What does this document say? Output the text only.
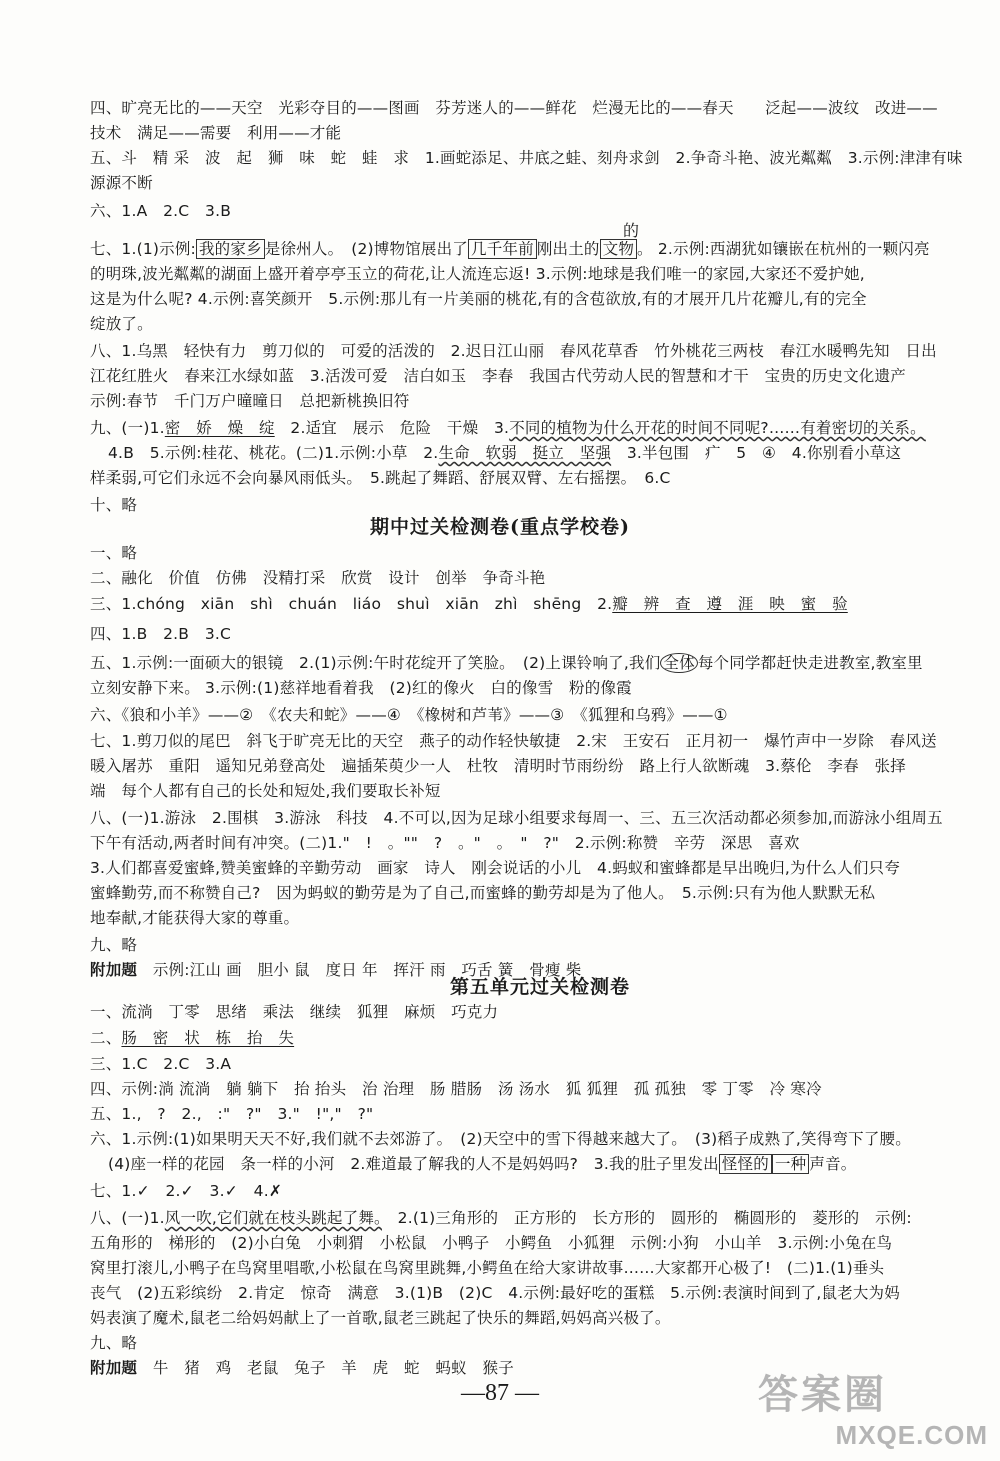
四、旷亮无比的——天空　光彩夺目的——图画　芬芳迷人的——鲜花　烂漫无比的——春天　　泛起——波纹　改进——
技术　满足——需要　利用——才能
五、斗　精 采　波　起　狮　味　蛇　蛙　求　1.画蛇添足、井底之蛙、刻舟求剑　2.争奇斗艳、波光粼粼　3.示例:津津有味
源源不断
六、1.A　2.C　3.B
的
七、1.(1)示例: 我的家乡 是徐州人。　(2)博物馆展出了 几千年前 刚出土的 文物 。 2.示例:西湖犹如镶嵌在杭州的一颗闪亮
的明珠,波光粼粼的湖面上盛开着亭亭玉立的荷花,让人流连忘返! 3.示例:地球是我们唯一的家园,大家还不爱护她,
这是为什么呢? 4.示例:喜笑颜开　5.示例:那儿有一片美丽的桃花,有的含苞欲放,有的才展开几片花瓣儿,有的完全
绽放了。
八、1.乌黑　轻快有力　剪刀似的　可爱的活泼的　2.迟日江山丽　春风花草香　竹外桃花三两枝　春江水暖鸭先知　日出
江花红胜火　春来江水绿如蓝　3.活泼可爱　洁白如玉　李春　我国古代劳动人民的智慧和才干　宝贵的历史文化遗产
示例:春节　千门万户曈曈日　总把新桃换旧符
九、(一)1.密　娇　燥　绽　2.适宜　展示　危险　干燥　3.不同的植物为什么开花的时间不同呢?……有着密切的关系。
4.B　5.示例:桂花、桃花。(二)1.示例:小草　2.生命　软弱　挺立　坚强　3.半包围　疒　5　④　4.你别看小草这
样柔弱,可它们永远不会向暴风雨低头。　5.跳起了舞蹈、舒展双臂、左右摇摆。　6.C
十、略
期中过关检测卷(重点学校卷)
一、略
二、融化　价值　仿佛　没精打采　欣赏　设计　创举　争奇斗艳
三、1.chóng　xiān　shì　chuán　liáo　shuì　xiān　zhì　shēng　2.瓣　辨　查　遵　涯　映　蜜　验
四、1.B　2.B　3.C
五、1.示例:一面硕大的银镜　2.(1)示例:午时花绽开了笑脸。　(2)上课铃响了,我们 全体 每个同学都赶快走进教室,教室里
立刻安静下来。 3.示例:(1)慈祥地看着我　(2)红的像火　白的像雪　粉的像霞
六、《狼和小羊》——②　《农夫和蛇》——④　《橡树和芦苇》——③　《狐狸和乌鸦》——①
七、1.剪刀似的尾巴　斜飞于旷亮无比的天空　燕子的动作轻快敏捷　2.宋　王安石　正月初一　爆竹声中一岁除　春风送
暖入屠苏　重阳　遥知兄弟登高处　遍插茱萸少一人　杜牧　清明时节雨纷纷　路上行人欲断魂　3.蔡伦　李春　张择
端　每个人都有自己的长处和短处,我们要取长补短
八、(一)1.游泳　2.围棋　3.游泳　科技　4.不可以,因为足球小组要求每周一、三、五三次活动都必须参加,而游泳小组周五
下午有活动,两者时间有冲突。(二)1."　!　。""　?　。"　。　"　?"　2.示例:称赞　辛劳　深思　喜欢
3.人们都喜爱蜜蜂,赞美蜜蜂的辛勤劳动　画家　诗人　刚会说话的小儿　4.蚂蚁和蜜蜂都是早出晚归,为什么人们只夸
蜜蜂勤劳,而不称赞自己?　因为蚂蚁的勤劳是为了自己,而蜜蜂的勤劳却是为了他人。　5.示例:只有为他人默默无私
地奉献,才能获得大家的尊重。
九、略
附加题　 示例:江山 画　胆小 鼠　度日 年　挥汗 雨　巧舌 簧　骨瘦 柴
第五单元过关检测卷
一、流淌　丁零　思绪　乘法　继续　狐狸　麻烦　巧克力
二、肠　密　状　栋　抬　失
三、1.C　2.C　3.A
四、示例:淌 流淌　躺 躺下　抬 抬头　治 治理　肠 腊肠　汤 汤水　狐 狐狸　孤 孤独　零 丁零　冷 寒冷
五、1.,　?　2.,　:"　?"　3."　!","　?"
六、1.示例:(1)如果明天天不好,我们就不去郊游了。　(2)天空中的雪下得越来越大了。　(3)稻子成熟了,笑得弯下了腰。
(4)座一样的花园　条一样的小河　2.难道最了解我的人不是妈妈吗?　3.我的肚子里发出 怪怪的 一种 声音。
七、1.✓　2.✓　3.✓　4.✗
八、(一)1.风一吹,它们就在枝头跳起了舞。　2.(1)三角形的　正方形的　长方形的　圆形的　椭圆形的　菱形的　示例:
五角形的　梯形的　(2)小白兔　小刺猬　小松鼠　小鸭子　小鳄鱼　小狐狸　示例:小狗　小山羊　3.示例:小兔在鸟
窝里打滚儿,小鸭子在鸟窝里唱歌,小松鼠在鸟窝里跳舞,小鳄鱼在给大家讲故事……大家都开心极了!　(二)1.(1)垂头
丧气　(2)五彩缤纷　2.肯定　惊奇　满意　3.(1)B　(2)C　4.示例:最好吃的蛋糕　5.示例:表演时间到了,鼠老大为妈
妈表演了魔术,鼠老二给妈妈献上了一首歌,鼠老三跳起了快乐的舞蹈,妈妈高兴极了。
九、略
附加题　 牛　猪　鸡　老鼠　兔子　羊　虎　蛇　蚂蚁　猴子
—87 —	答案圈
MXQE.COM
